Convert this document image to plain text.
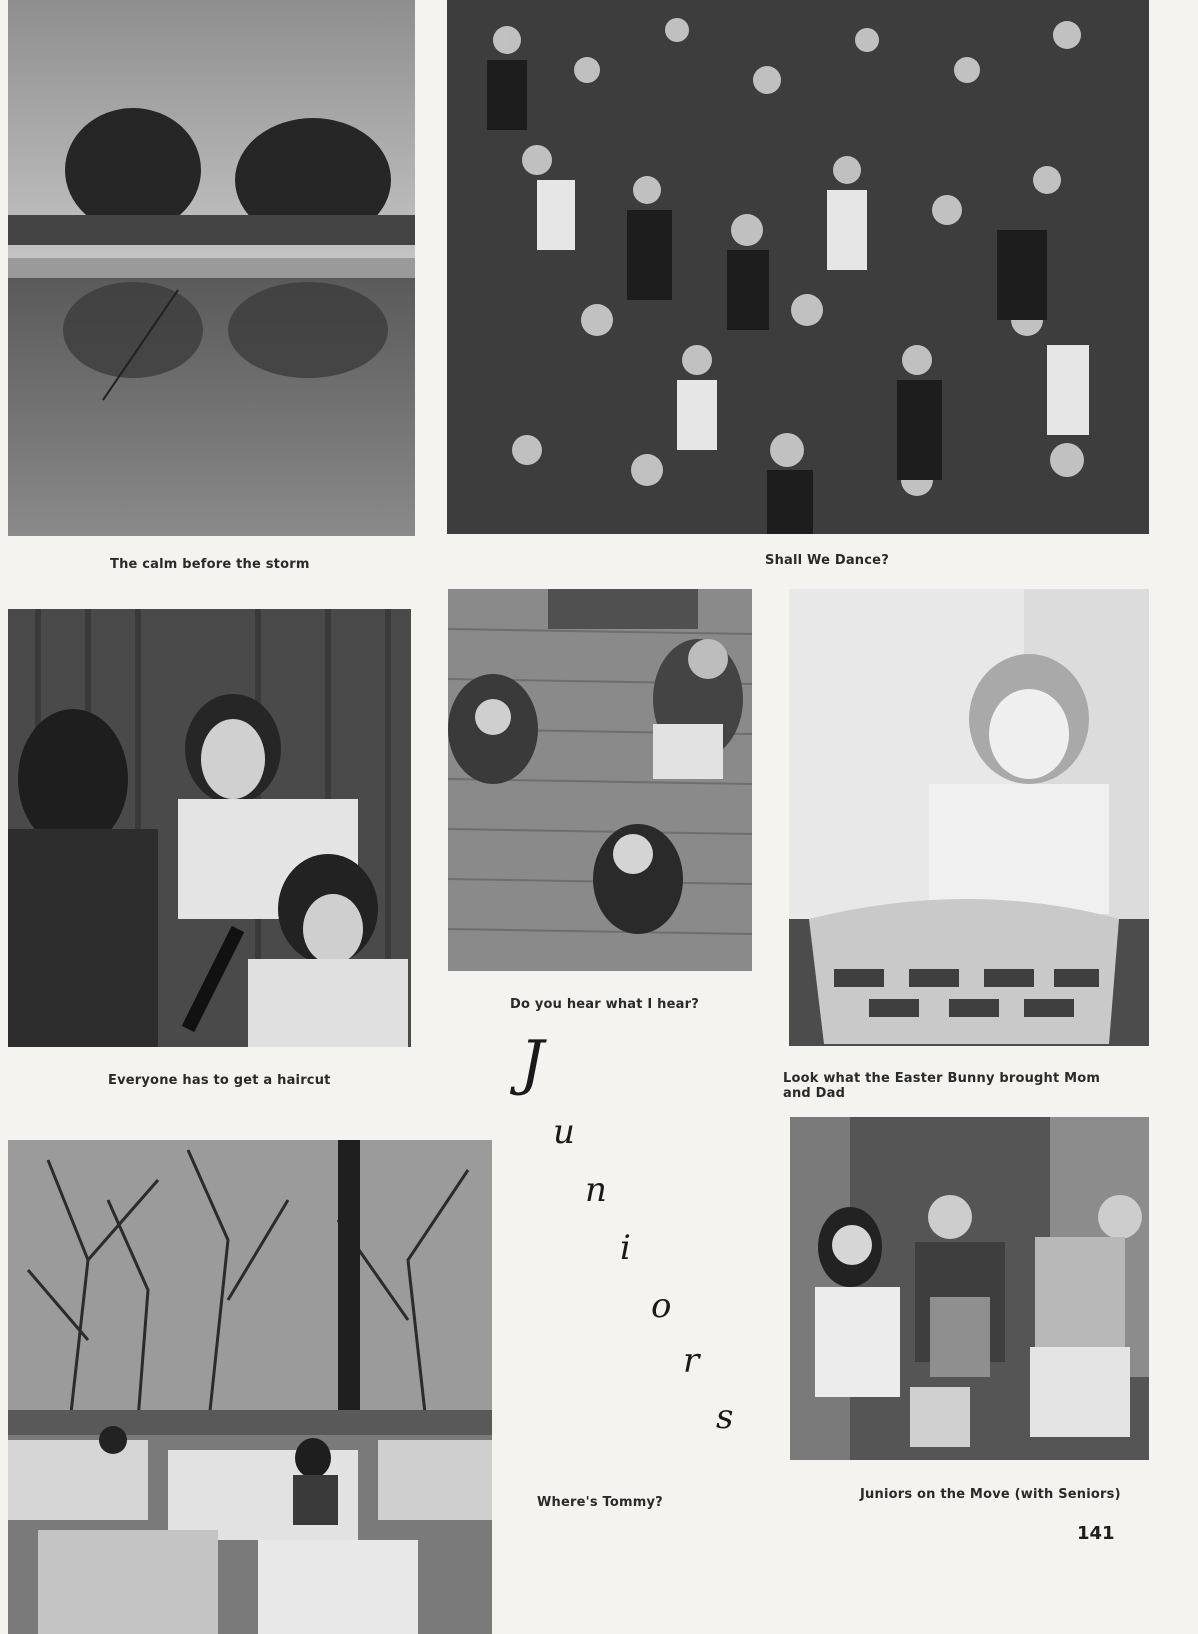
The calm before the storm	Shall We Dance?
Everyone has to get a haircut
Do you hear what I hear?
Look what the Easter Bunny brought Mom and Dad
Where's Tommy?
Juniors on the Move (with Seniors)
J
u
n
i
o
r
s
141
